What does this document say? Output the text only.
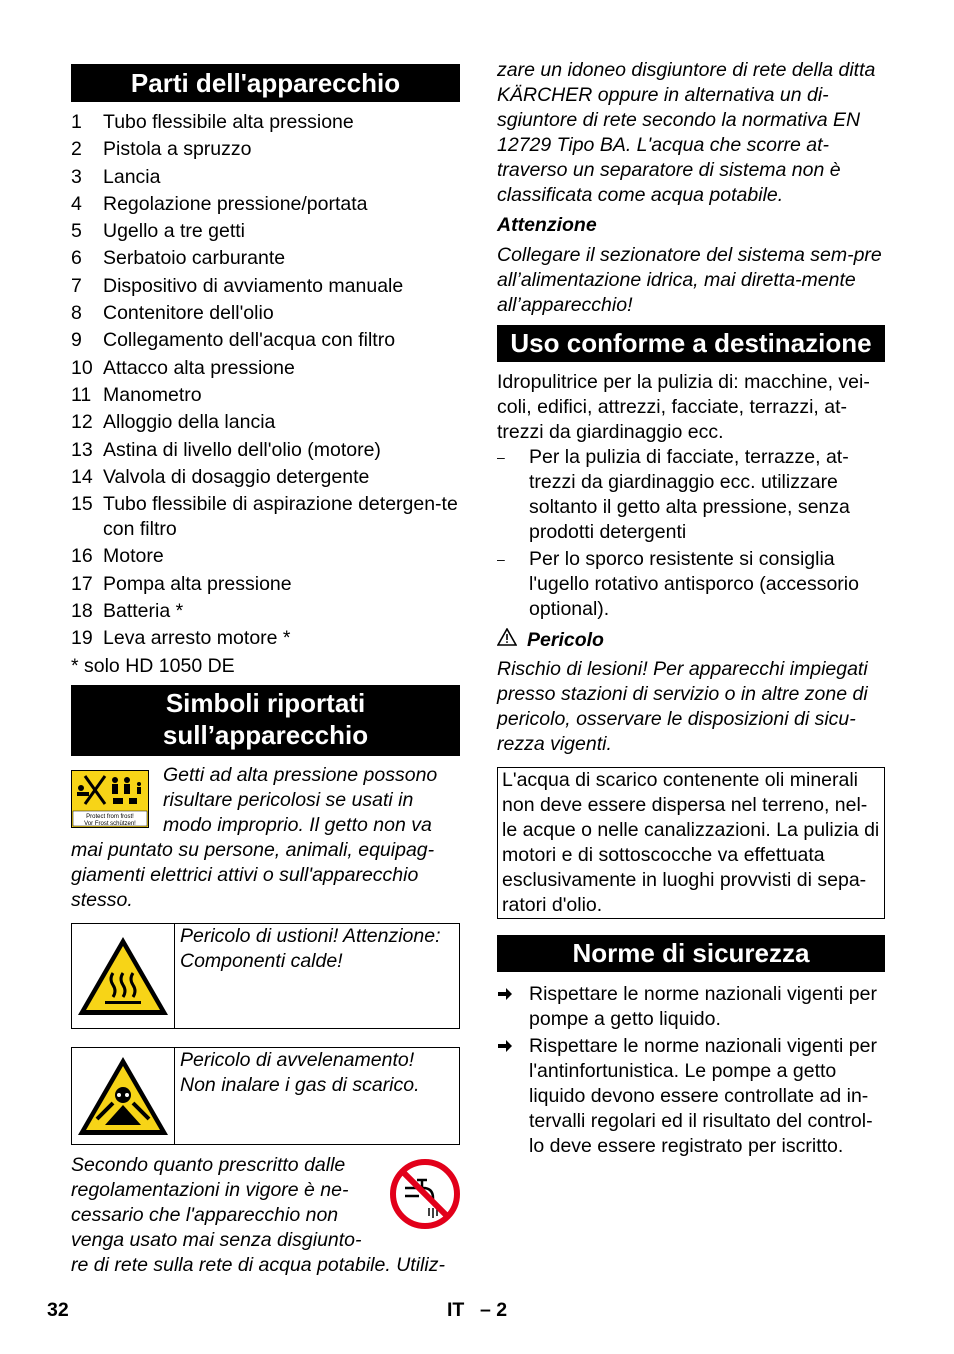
Parti dell'apparecchio
1	Tubo flessibile alta pressione
2	Pistola a spruzzo
3	Lancia
4	Regolazione pressione/portata
5	Ugello a tre getti
6	Serbatoio carburante
7	Dispositivo di avviamento manuale
8	Contenitore dell'olio
9	Collegamento dell'acqua con filtro
10 Attacco alta pressione
11 Manometro
12 Alloggio della lancia
13 Astina di livello dell'olio (motore)
14 Valvola di dosaggio detergente
15 Tubo flessibile di aspirazione detergen-te con filtro
16 Motore
17 Pompa alta pressione
18 Batteria *
19 Leva arresto motore *
* solo HD 1050 DE
Simboli riportati
sull’apparecchio
Protect from frost!
Vor Frost schützen!
Getti ad alta pressione possono risultare pericolosi se usati in modo improprio. Il getto non va mai puntato su persone, animali, equipag-giamenti elettrici attivi o sull'apparecchio stesso.
Pericolo di ustioni! Attenzione: Componenti calde!
Pericolo di avvelenamento! Non inalare i gas di scarico.
Secondo quanto prescritto dalle regolamentazioni in vigore è ne-cessario che l'apparecchio non venga usato mai senza disgiunto-re di rete sulla rete di acqua potabile. Utiliz-
zare un idoneo disgiuntore di rete della ditta KÄRCHER oppure in alternativa un di-sgiuntore di rete secondo la normativa EN 12729 Tipo BA. L'acqua che scorre at-traverso un separatore di sistema non è classificata come acqua potabile.
Attenzione
Collegare il sezionatore del sistema sem-pre all’alimentazione idrica, mai diretta-mente all’apparecchio!
Uso conforme a destinazione
Idropulitrice per la pulizia di: macchine, vei-coli, edifici, attrezzi, facciate, terrazzi, at-trezzi da giardinaggio ecc.
–	Per la pulizia di facciate, terrazze, at-trezzi da giardinaggio ecc. utilizzare soltanto il getto alta pressione, senza prodotti detergenti
–	Per lo sporco resistente si consiglia l'ugello rotativo antisporco (accessorio optional).
Pericolo
Rischio di lesioni! Per apparecchi impiegati presso stazioni di servizio o in altre zone di pericolo, osservare le disposizioni di sicu-rezza vigenti.
L'acqua di scarico contenente oli minerali non deve essere dispersa nel terreno, nel-le acque o nelle canalizzazioni. La pulizia di motori e di sottoscocche va effettuata esclusivamente in luoghi provvisti di sepa-ratori d'olio.
Norme di sicurezza
Rispettare le norme nazionali vigenti per pompe a getto liquido.
Rispettare le norme nazionali vigenti per l'antinfortunistica. Le pompe a getto liquido devono essere controllate ad in-tervalli regolari ed il risultato del control-lo deve essere registrato per iscritto.
32	IT – 2
